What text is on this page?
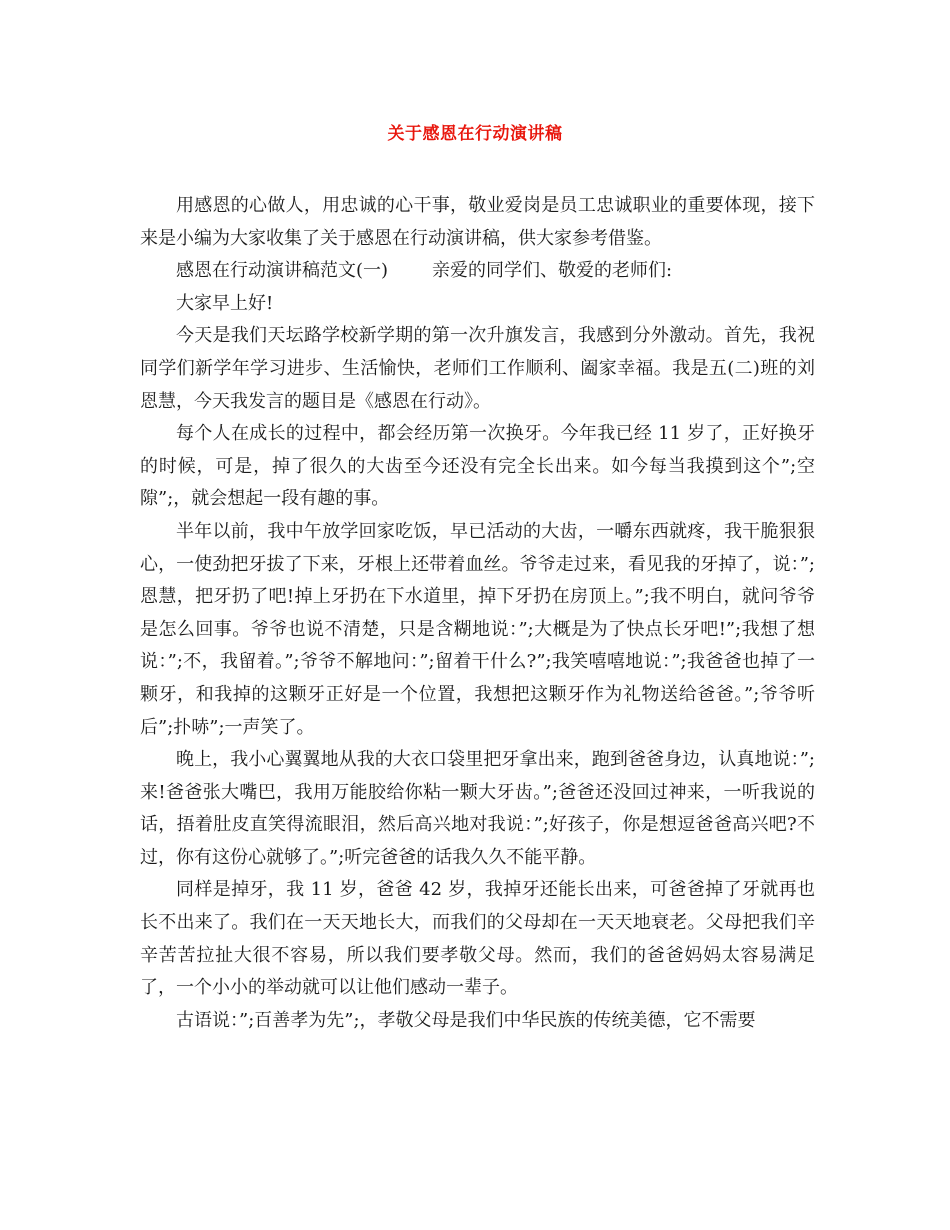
关于感恩在行动演讲稿

用感恩的心做人，用忠诚的心干事，敬业爱岗是员工忠诚职业的重要体现，接下来是小编为大家收集了关于感恩在行动演讲稿，供大家参考借鉴。

感恩在行动演讲稿范文(一) 亲爱的同学们、敬爱的老师们:

大家早上好!

今天是我们天坛路学校新学期的第一次升旗发言，我感到分外激动。首先，我祝同学们新学年学习进步、生活愉快，老师们工作顺利、阖家幸福。我是五(二)班的刘恩慧，今天我发言的题目是《感恩在行动》。

每个人在成长的过程中，都会经历第一次换牙。今年我已经 11 岁了，正好换牙的时候，可是，掉了很久的大齿至今还没有完全长出来。如今每当我摸到这个”;空隙”;，就会想起一段有趣的事。

半年以前，我中午放学回家吃饭，早已活动的大齿，一嚼东西就疼，我干脆狠狠心，一使劲把牙拔了下来，牙根上还带着血丝。爷爷走过来，看见我的牙掉了，说：”;恩慧，把牙扔了吧!掉上牙扔在下水道里，掉下牙扔在房顶上。”;我不明白，就问爷爷是怎么回事。爷爷也说不清楚，只是含糊地说：”;大概是为了快点长牙吧!”;我想了想说：”;不，我留着。”;爷爷不解地问：”;留着干什么?”;我笑嘻嘻地说：”;我爸爸也掉了一颗牙，和我掉的这颗牙正好是一个位置，我想把这颗牙作为礼物送给爸爸。”;爷爷听后”;扑哧”;一声笑了。

晚上，我小心翼翼地从我的大衣口袋里把牙拿出来，跑到爸爸身边，认真地说：”;来!爸爸张大嘴巴，我用万能胶给你粘一颗大牙齿。”;爸爸还没回过神来，一听我说的话，捂着肚皮直笑得流眼泪，然后高兴地对我说：”;好孩子，你是想逗爸爸高兴吧?不过，你有这份心就够了。”;听完爸爸的话我久久不能平静。

同样是掉牙，我 11 岁，爸爸 42 岁，我掉牙还能长出来，可爸爸掉了牙就再也长不出来了。我们在一天天地长大，而我们的父母却在一天天地衰老。父母把我们辛辛苦苦拉扯大很不容易，所以我们要孝敬父母。然而，我们的爸爸妈妈太容易满足了，一个小小的举动就可以让他们感动一辈子。

古语说：”;百善孝为先”;，孝敬父母是我们中华民族的传统美德，它不需要
